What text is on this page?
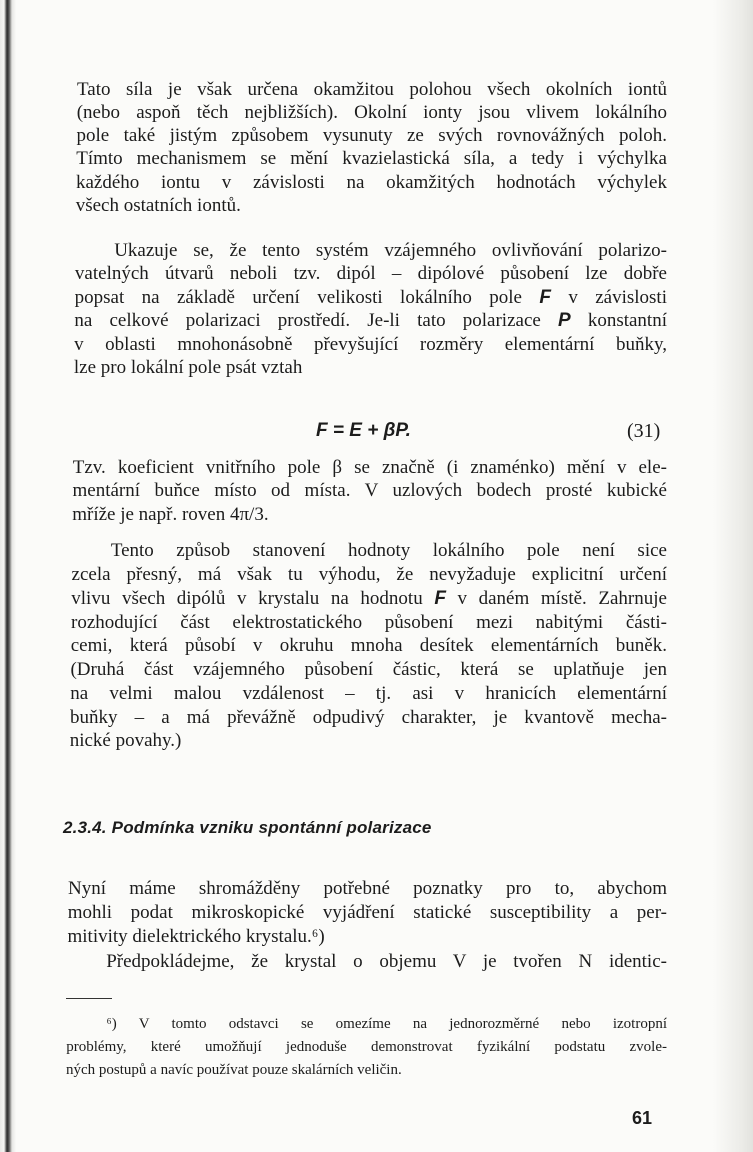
Tato síla je však určena okamžitou polohou všech okolních iontů
(nebo aspoň těch nejbližších). Okolní ionty jsou vlivem lokálního
pole také jistým způsobem vysunuty ze svých rovnovážných poloh.
Tímto mechanismem se mění kvazielastická síla, a tedy i výchylka
každého iontu v závislosti na okamžitých hodnotách výchylek
všech ostatních iontů.
Ukazuje se, že tento systém vzájemného ovlivňování polarizo-
vatelných útvarů neboli tzv. dipól – dipólové působení lze dobře
popsat na základě určení velikosti lokálního pole F v závislosti
na celkové polarizaci prostředí. Je-li tato polarizace P konstantní
v oblasti mnohonásobně převyšující rozměry elementární buňky,
lze pro lokální pole psát vztah
Tzv. koeficient vnitřního pole β se značně (i znaménko) mění v ele-
mentární buňce místo od místa. V uzlových bodech prosté kubické
mříže je např. roven 4π/3.
Tento způsob stanovení hodnoty lokálního pole není sice
zcela přesný, má však tu výhodu, že nevyžaduje explicitní určení
vlivu všech dipólů v krystalu na hodnotu F v daném místě. Zahrnuje
rozhodující část elektrostatického působení mezi nabitými části-
cemi, která působí v okruhu mnoha desítek elementárních buněk.
(Druhá část vzájemného působení částic, která se uplatňuje jen
na velmi malou vzdálenost – tj. asi v hranicích elementární
buňky – a má převážně odpudivý charakter, je kvantově mecha-
nické povahy.)
Nyní máme shromážděny potřebné poznatky pro to, abychom
mohli podat mikroskopické vyjádření statické susceptibility a per-
mitivity dielektrického krystalu.⁶)
Předpokládejme, že krystal o objemu V je tvořen N identic-
⁶) V tomto odstavci se omezíme na jednorozměrné nebo izotropní
problémy, které umožňují jednoduše demonstrovat fyzikální podstatu zvole-
ných postupů a navíc používat pouze skalárních veličin.
F = E + βP.	(31)
2.3.4. Podmínka vzniku spontánní polarizace
61
